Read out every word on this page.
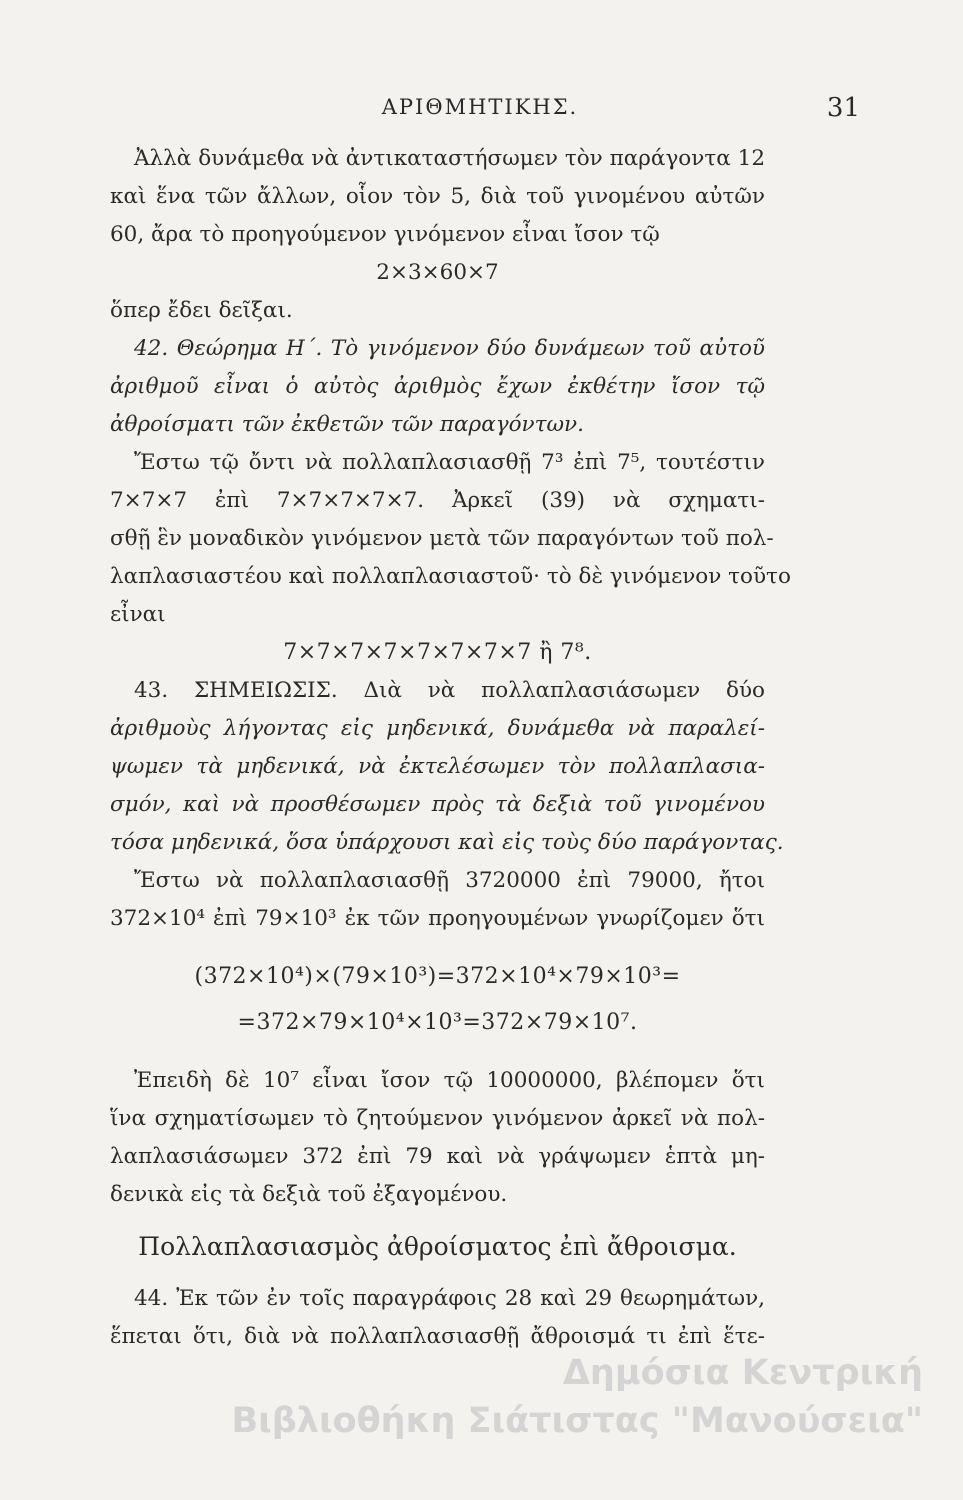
ΑΡΙΘΜΗΤΙΚΗΣ.	31
Ἀλλὰ δυνάμεθα νὰ ἀντικαταστήσωμεν τὸν παράγοντα 12
καὶ ἕνα τῶν ἄλλων, οἷον τὸν 5, διὰ τοῦ γινομένου αὐτῶν
60, ἄρα τὸ προηγούμενον γινόμενον εἶναι ἴσον τῷ
2×3×60×7
ὅπερ ἔδει δεῖξαι.
42. Θεώρημα Η΄. Τὸ γινόμενον δύο δυνάμεων τοῦ αὐτοῦ
ἀριθμοῦ εἶναι ὁ αὐτὸς ἀριθμὸς ἔχων ἐκθέτην ἴσον τῷ
ἀθροίσματι τῶν ἐκθετῶν τῶν παραγόντων.
Ἔστω τῷ ὄντι νὰ πολλαπλασιασθῇ 7³ ἐπὶ 7⁵, τουτέστιν
7×7×7 ἐπὶ 7×7×7×7×7. Ἀρκεῖ (39) νὰ σχηματι-
σθῇ ἓν μοναδικὸν γινόμενον μετὰ τῶν παραγόντων τοῦ πολ-
λαπλασιαστέου καὶ πολλαπλασιαστοῦ· τὸ δὲ γινόμενον τοῦτο
εἶναι
7×7×7×7×7×7×7×7 ἢ 7⁸.
43. ΣΗΜΕΙΩΣΙΣ. Διὰ νὰ πολλαπλασιάσωμεν δύο
ἀριθμοὺς λήγοντας εἰς μηδενικά, δυνάμεθα νὰ παραλεί-
ψωμεν τὰ μηδενικά, νὰ ἐκτελέσωμεν τὸν πολλαπλασια-
σμόν, καὶ νὰ προσθέσωμεν πρὸς τὰ δεξιὰ τοῦ γινομένου
τόσα μηδενικά, ὅσα ὑπάρχουσι καὶ εἰς τοὺς δύο παράγοντας.
Ἔστω νὰ πολλαπλασιασθῇ 3720000 ἐπὶ 79000, ἤτοι
372×10⁴ ἐπὶ 79×10³ ἐκ τῶν προηγουμένων γνωρίζομεν ὅτι
(372×10⁴)×(79×10³)=372×10⁴×79×10³=
=372×79×10⁴×10³=372×79×10⁷.
Ἐπειδὴ δὲ 10⁷ εἶναι ἴσον τῷ 10000000, βλέπομεν ὅτι
ἵνα σχηματίσωμεν τὸ ζητούμενον γινόμενον ἀρκεῖ νὰ πολ-
λαπλασιάσωμεν 372 ἐπὶ 79 καὶ νὰ γράψωμεν ἑπτὰ μη-
δενικὰ εἰς τὰ δεξιὰ τοῦ ἐξαγομένου.
Πολλαπλασιασμὸς ἀθροίσματος ἐπὶ ἄθροισμα.
44. Ἐκ τῶν ἐν τοῖς παραγράφοις 28 καὶ 29 θεωρημάτων,
ἕπεται ὅτι, διὰ νὰ πολλαπλασιασθῇ ἄθροισμά τι ἐπὶ ἕτε-
Δημόσια Κεντρική
Βιβλιοθήκη Σιάτιστας "Μανούσεια"
